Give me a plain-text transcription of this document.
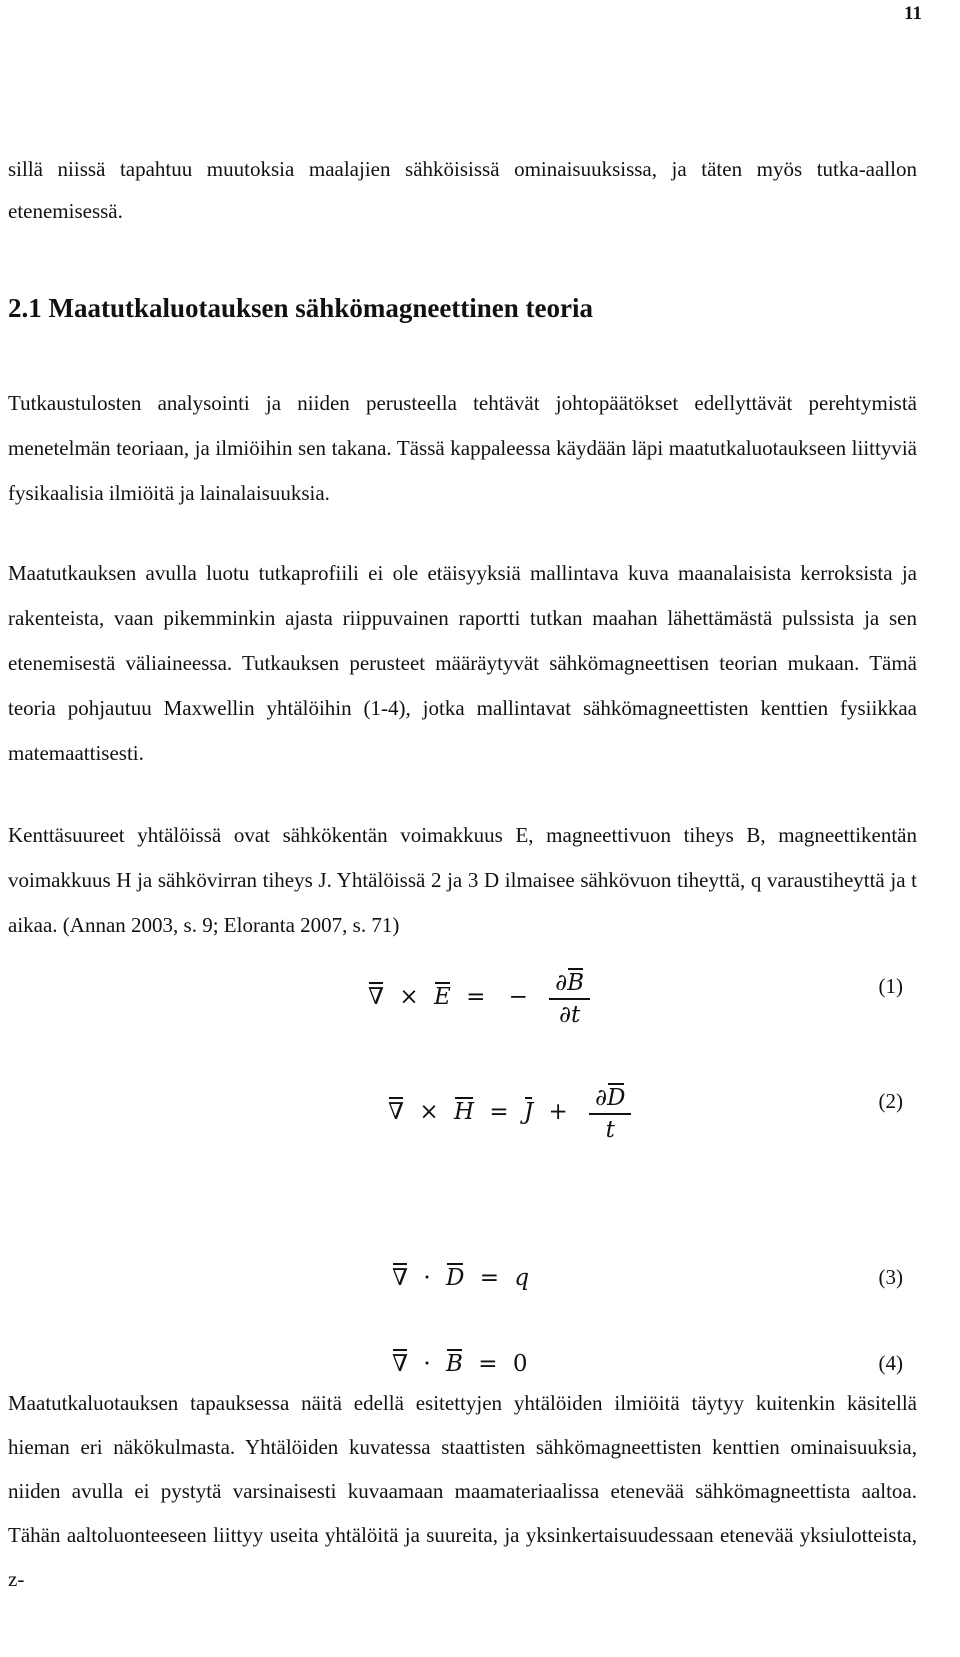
11
sillä niissä tapahtuu muutoksia maalajien sähköisissä ominaisuuksissa, ja täten myös tutka-aallon etenemisessä.
2.1 Maatutkaluotauksen sähkömagneettinen teoria
Tutkaustulosten analysointi ja niiden perusteella tehtävät johtopäätökset edellyttävät perehtymistä menetelmän teoriaan, ja ilmiöihin sen takana. Tässä kappaleessa käydään läpi maatutkaluotaukseen liittyviä fysikaalisia ilmiöitä ja lainalaisuuksia.
Maatutkauksen avulla luotu tutkaprofiili ei ole etäisyyksiä mallintava kuva maanalaisista kerroksista ja rakenteista, vaan pikemminkin ajasta riippuvainen raportti tutkan maahan lähettämästä pulssista ja sen etenemisestä väliaineessa. Tutkauksen perusteet määräytyvät sähkömagneettisen teorian mukaan. Tämä teoria pohjautuu Maxwellin yhtälöihin (1-4), jotka mallintavat sähkömagneettisten kenttien fysiikkaa matemaattisesti.
Kenttäsuureet yhtälöissä ovat sähkökentän voimakkuus E, magneettivuon tiheys B, magneettikentän voimakkuus H ja sähkövirran tiheys J. Yhtälöissä 2 ja 3 D ilmaisee sähkövuon tiheyttä, q varaustiheyttä ja t aikaa. (Annan 2003, s. 9; Eloranta 2007, s. 71)
∇ × E = − $\frac{\partial B}{\partial t}$	(1)
∇ × $H = J + \frac{\partial D}{t}$	(2)
∇ · D = q	(3)
∇ · B = 0	(4)
Maatutkaluotauksen tapauksessa näitä edellä esitettyjen yhtälöiden ilmiöitä täytyy kuitenkin käsitellä hieman eri näkökulmasta. Yhtälöiden kuvatessa staattisten sähkömagneettisten kenttien ominaisuuksia, niiden avulla ei pystytä varsinaisesti kuvaamaan maamateriaalissa etenevää sähkömagneettista aaltoa. Tähän aaltoluonteeseen liittyy useita yhtälöitä ja suureita, ja yksinkertaisuudessaan etenevää yksiulotteista, z-
